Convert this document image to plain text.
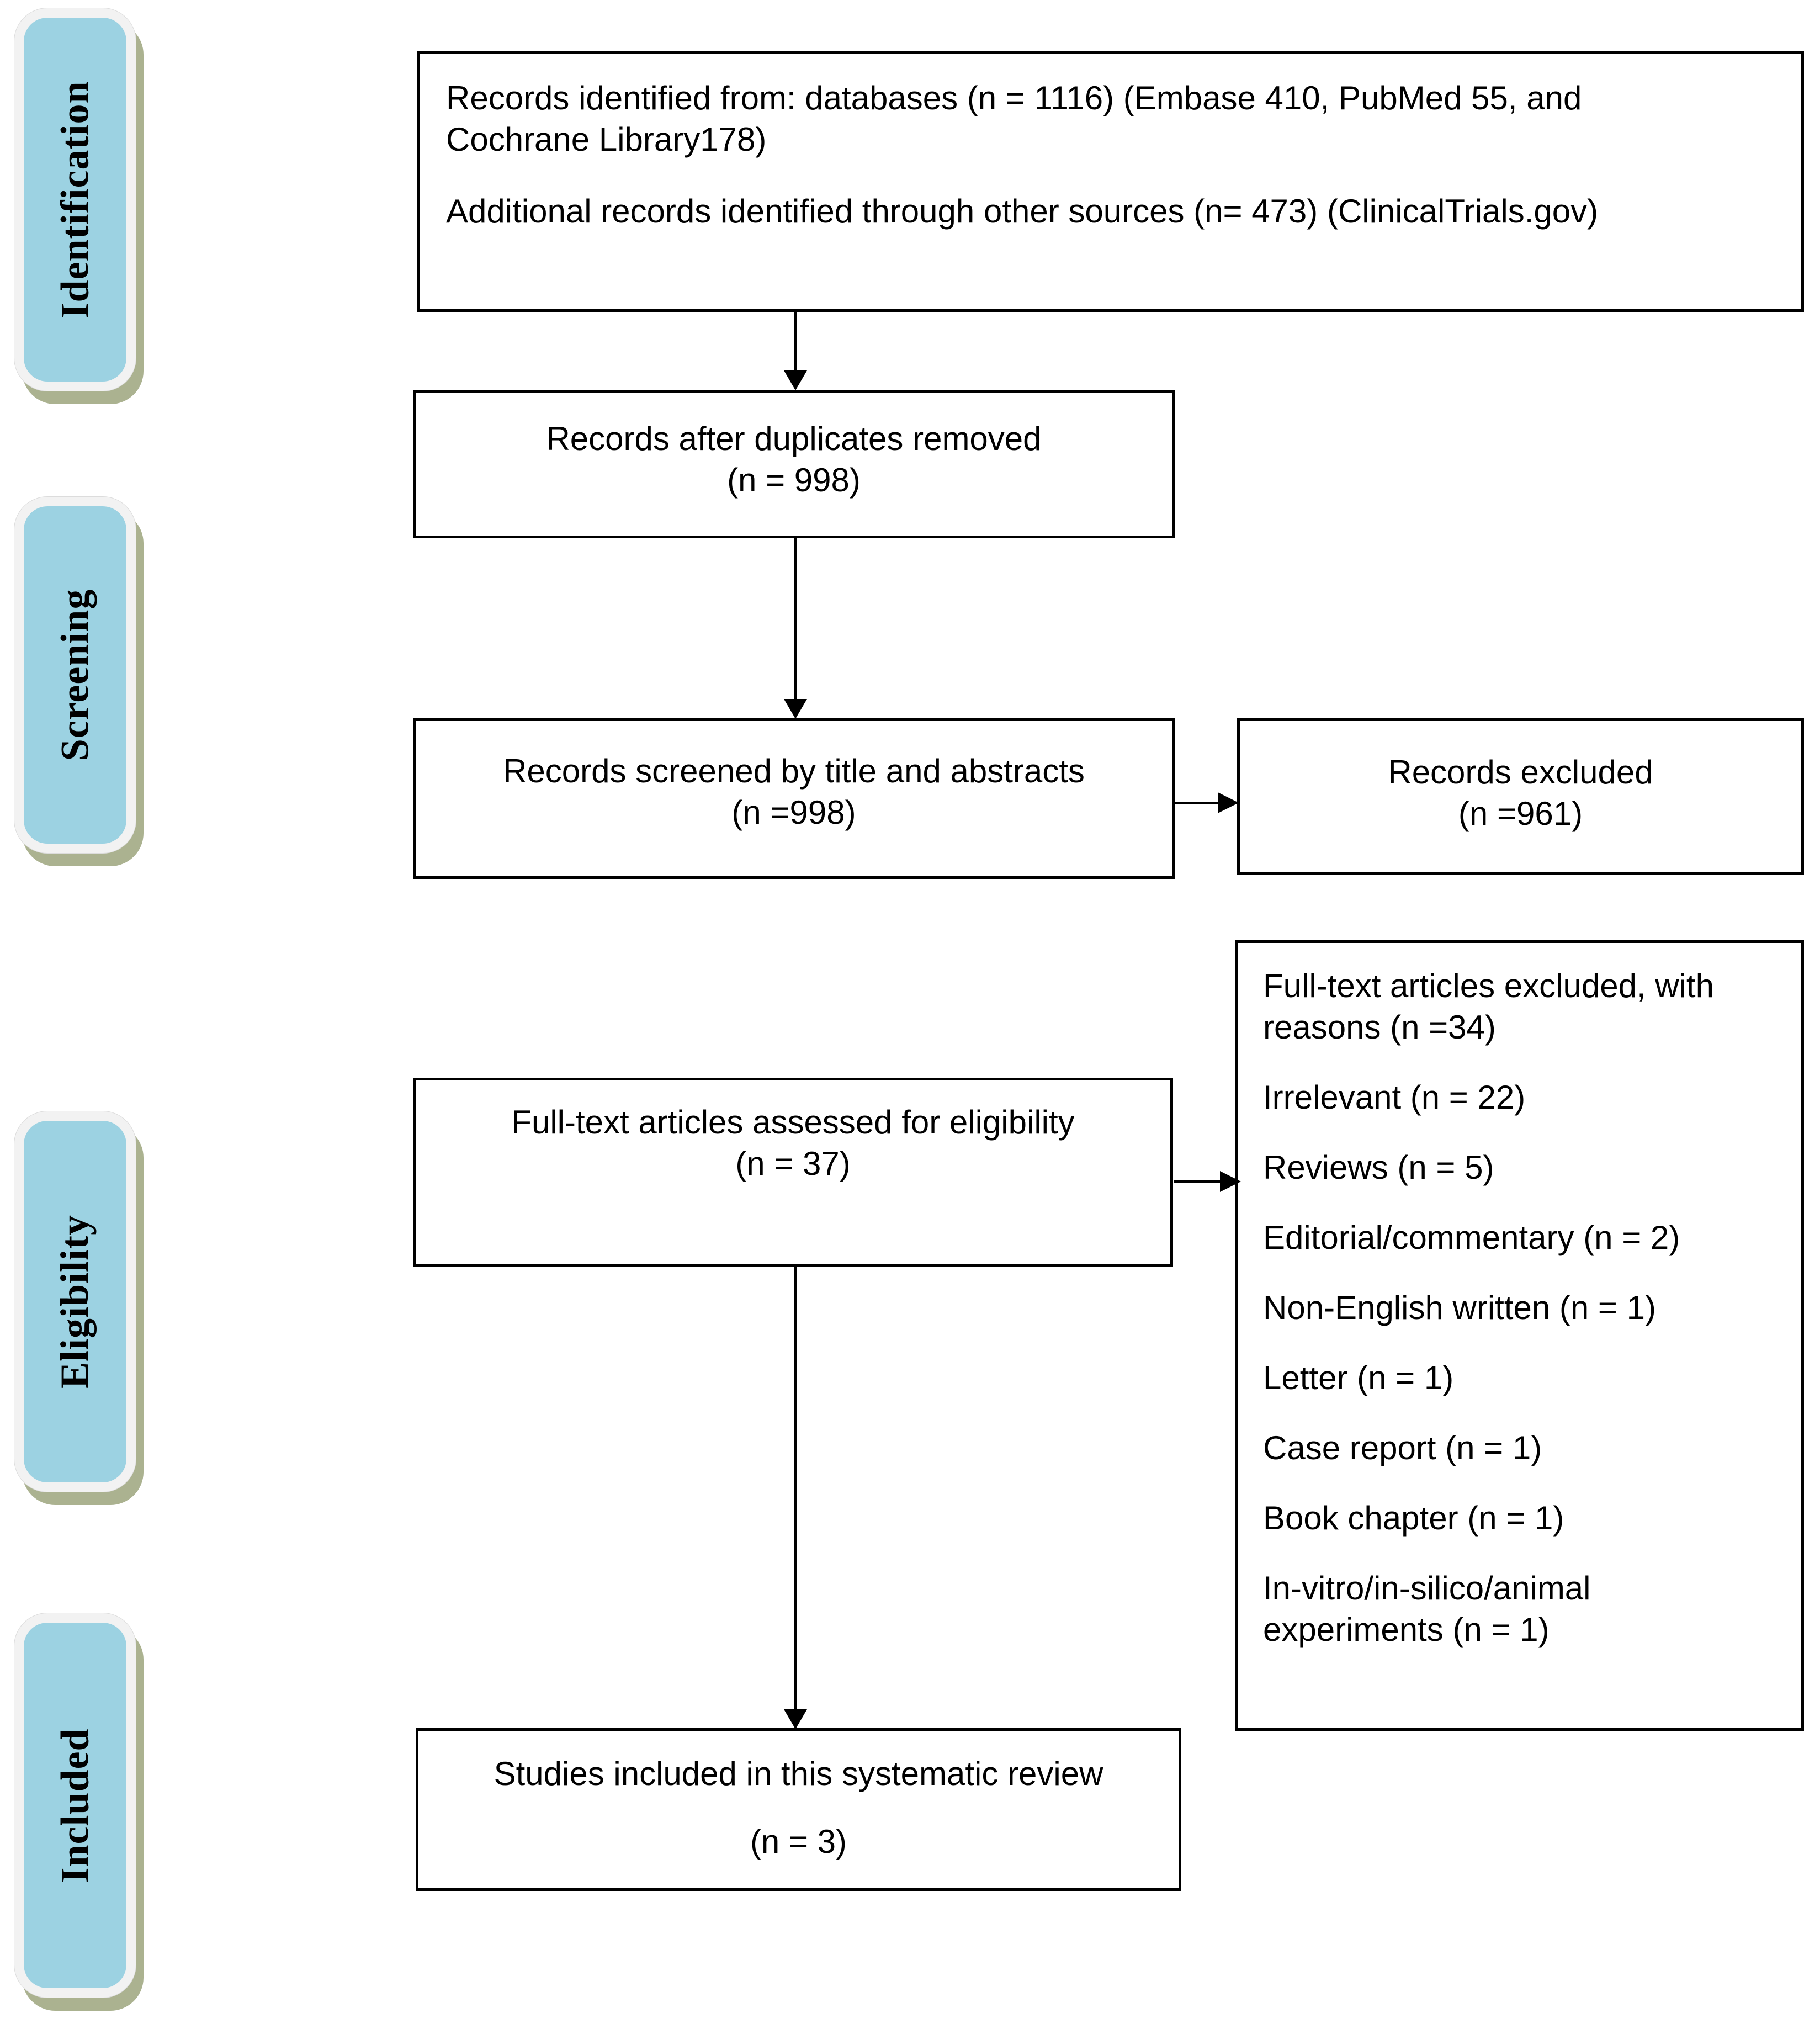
Identification
Screening
Eligibility
Included

Records identified from: databases (n = 1116) (Embase 410, PubMed 55, and

Cochrane Library178)

Additional records identified through other sources (n= 473) (ClinicalTrials.gov)

Records after duplicates removed

(n = 998)

Records screened by title and abstracts

(n =998)

Records excluded

(n =961)

Full-text articles assessed for eligibility

(n = 37)

Full-text articles excluded, with reasons (n =34)

Irrelevant (n = 22)

Reviews (n = 5)

Editorial/commentary (n = 2)

Non-English written (n = 1)

Letter (n = 1)

Case report (n = 1)

Book chapter (n = 1)

In-vitro/in-silico/animal experiments (n = 1)

Studies included in this systematic review

(n = 3)
